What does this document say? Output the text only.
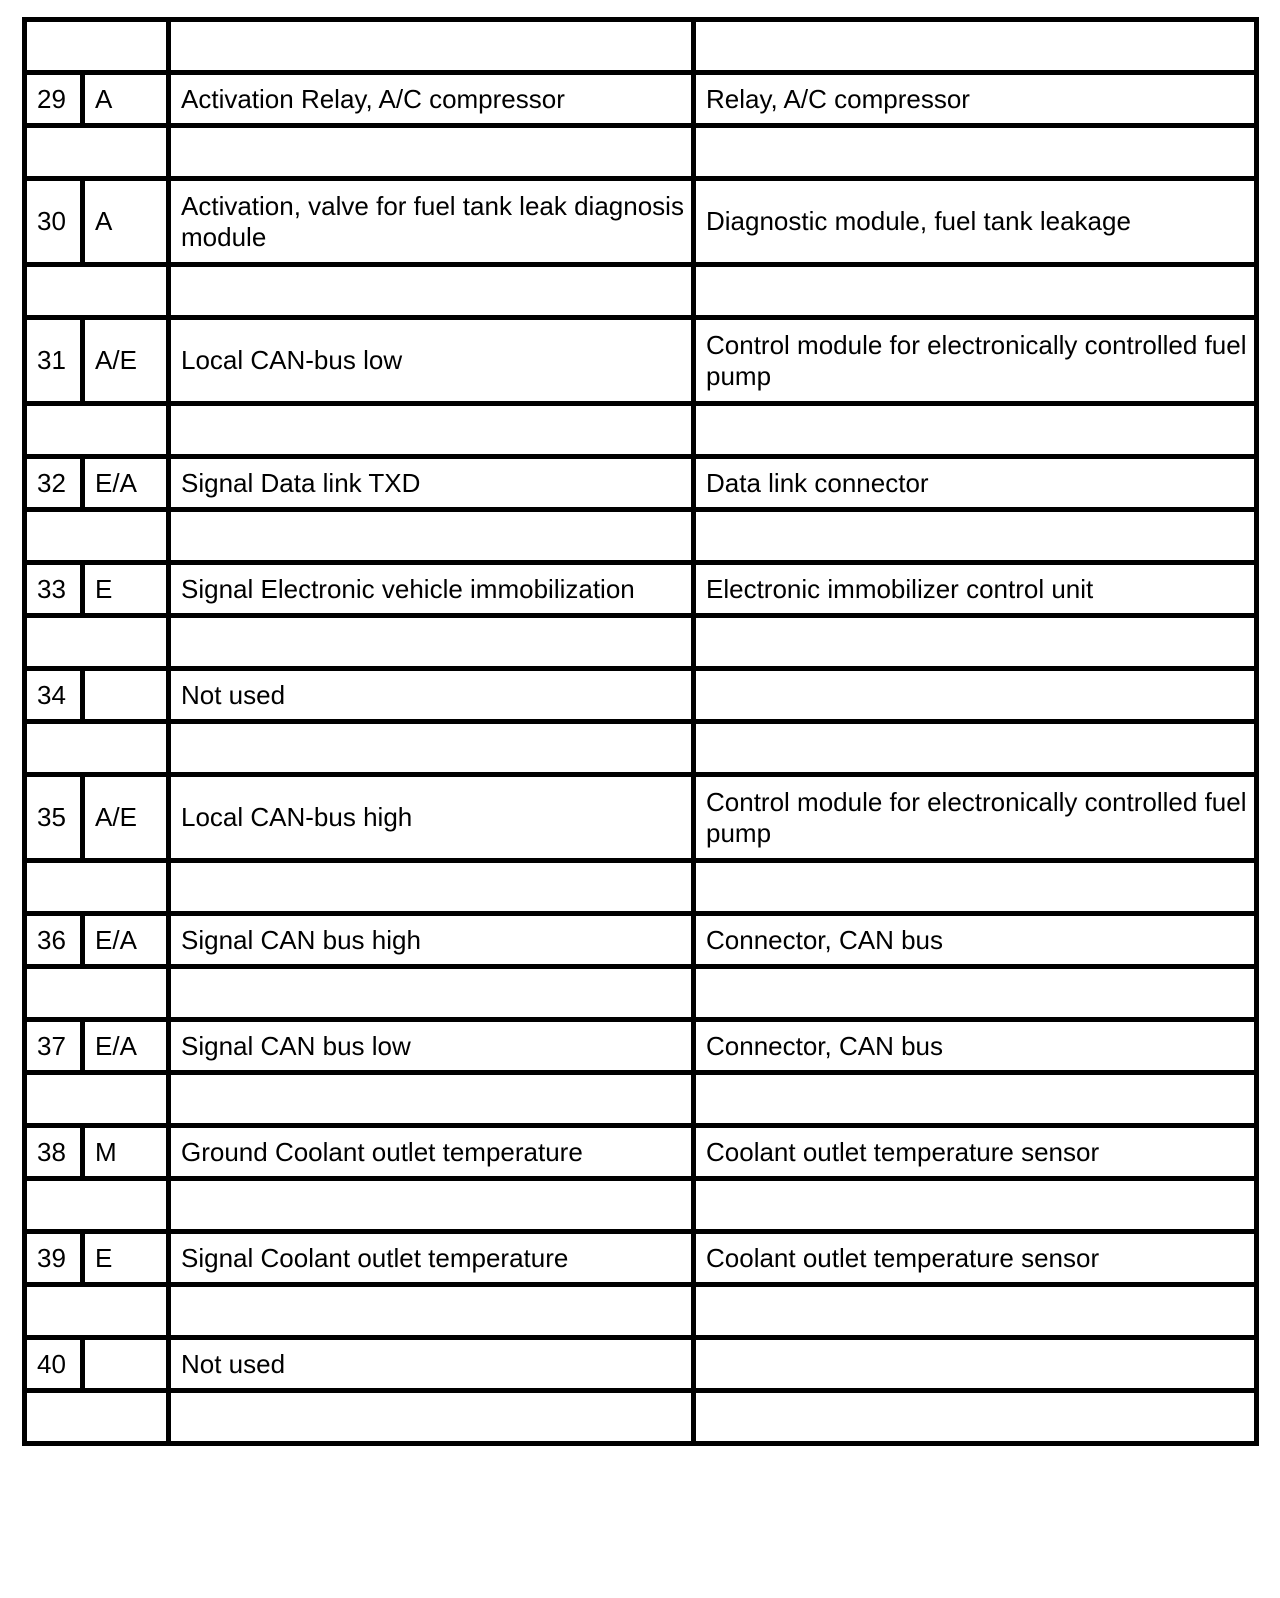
29	A	Activation Relay, A/C compressor	Relay, A/C compressor

30	A	Activation, valve for fuel tank leak diagnosis module	Diagnostic module, fuel tank leakage

31	A/E	Local CAN-bus low	Control module for electronically controlled fuel pump

32	E/A	Signal Data link TXD	Data link connector

33	E	Signal Electronic vehicle immobilization	Electronic immobilizer control unit

34		Not used	

35	A/E	Local CAN-bus high	Control module for electronically controlled fuel pump

36	E/A	Signal CAN bus high	Connector, CAN bus

37	E/A	Signal CAN bus low	Connector, CAN bus

38	M	Ground Coolant outlet temperature	Coolant outlet temperature sensor

39	E	Signal Coolant outlet temperature	Coolant outlet temperature sensor

40		Not used	
